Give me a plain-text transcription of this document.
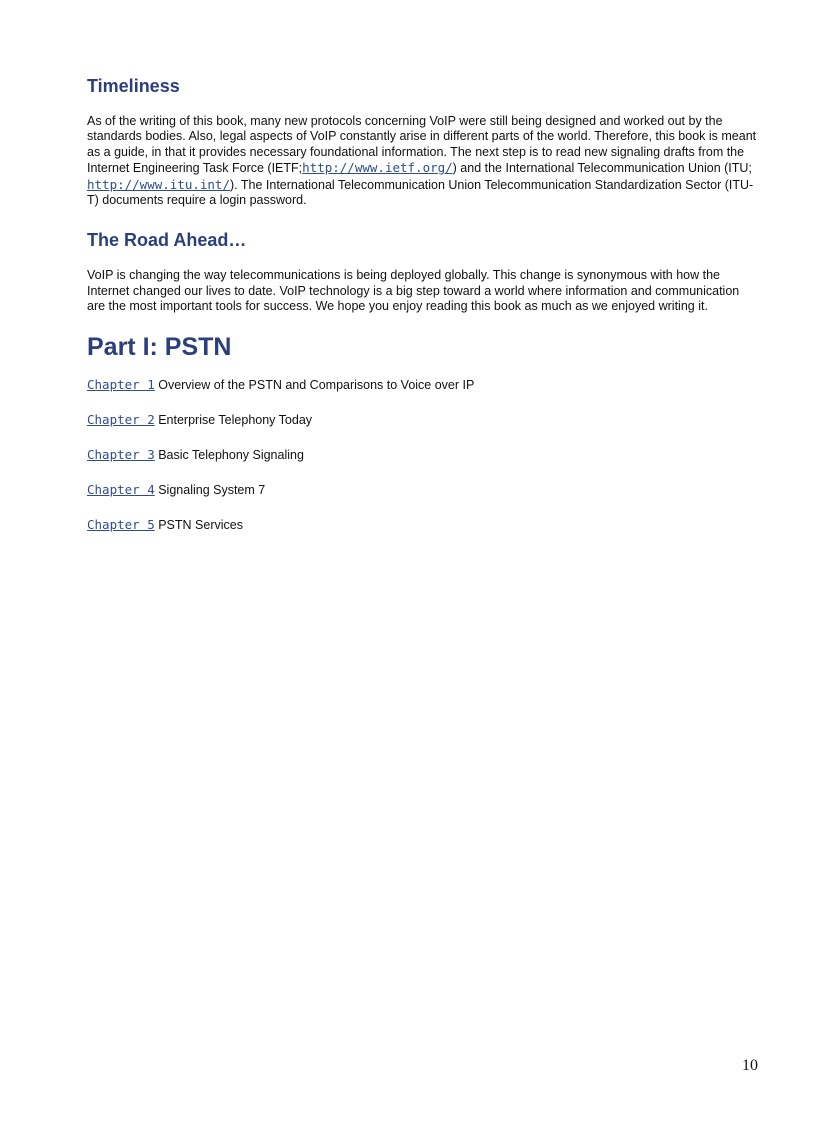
Timeliness

As of the writing of this book, many new protocols concerning VoIP were still being designed and worked out by the standards bodies. Also, legal aspects of VoIP constantly arise in different parts of the world. Therefore, this book is meant as a guide, in that it provides necessary foundational information. The next step is to read new signaling drafts from the Internet Engineering Task Force (IETF;http://www.ietf.org/) and the International Telecommunication Union (ITU; http://www.itu.int/). The International Telecommunication Union Telecommunication Standardization Sector (ITU-T) documents require a login password.

The Road Ahead…

VoIP is changing the way telecommunications is being deployed globally. This change is synonymous with how the Internet changed our lives to date. VoIP technology is a big step toward a world where information and communication are the most important tools for success. We hope you enjoy reading this book as much as we enjoyed writing it.

Part I: PSTN
Chapter 1 Overview of the PSTN and Comparisons to Voice over IP
Chapter 2 Enterprise Telephony Today
Chapter 3 Basic Telephony Signaling
Chapter 4 Signaling System 7
Chapter 5 PSTN Services
10
